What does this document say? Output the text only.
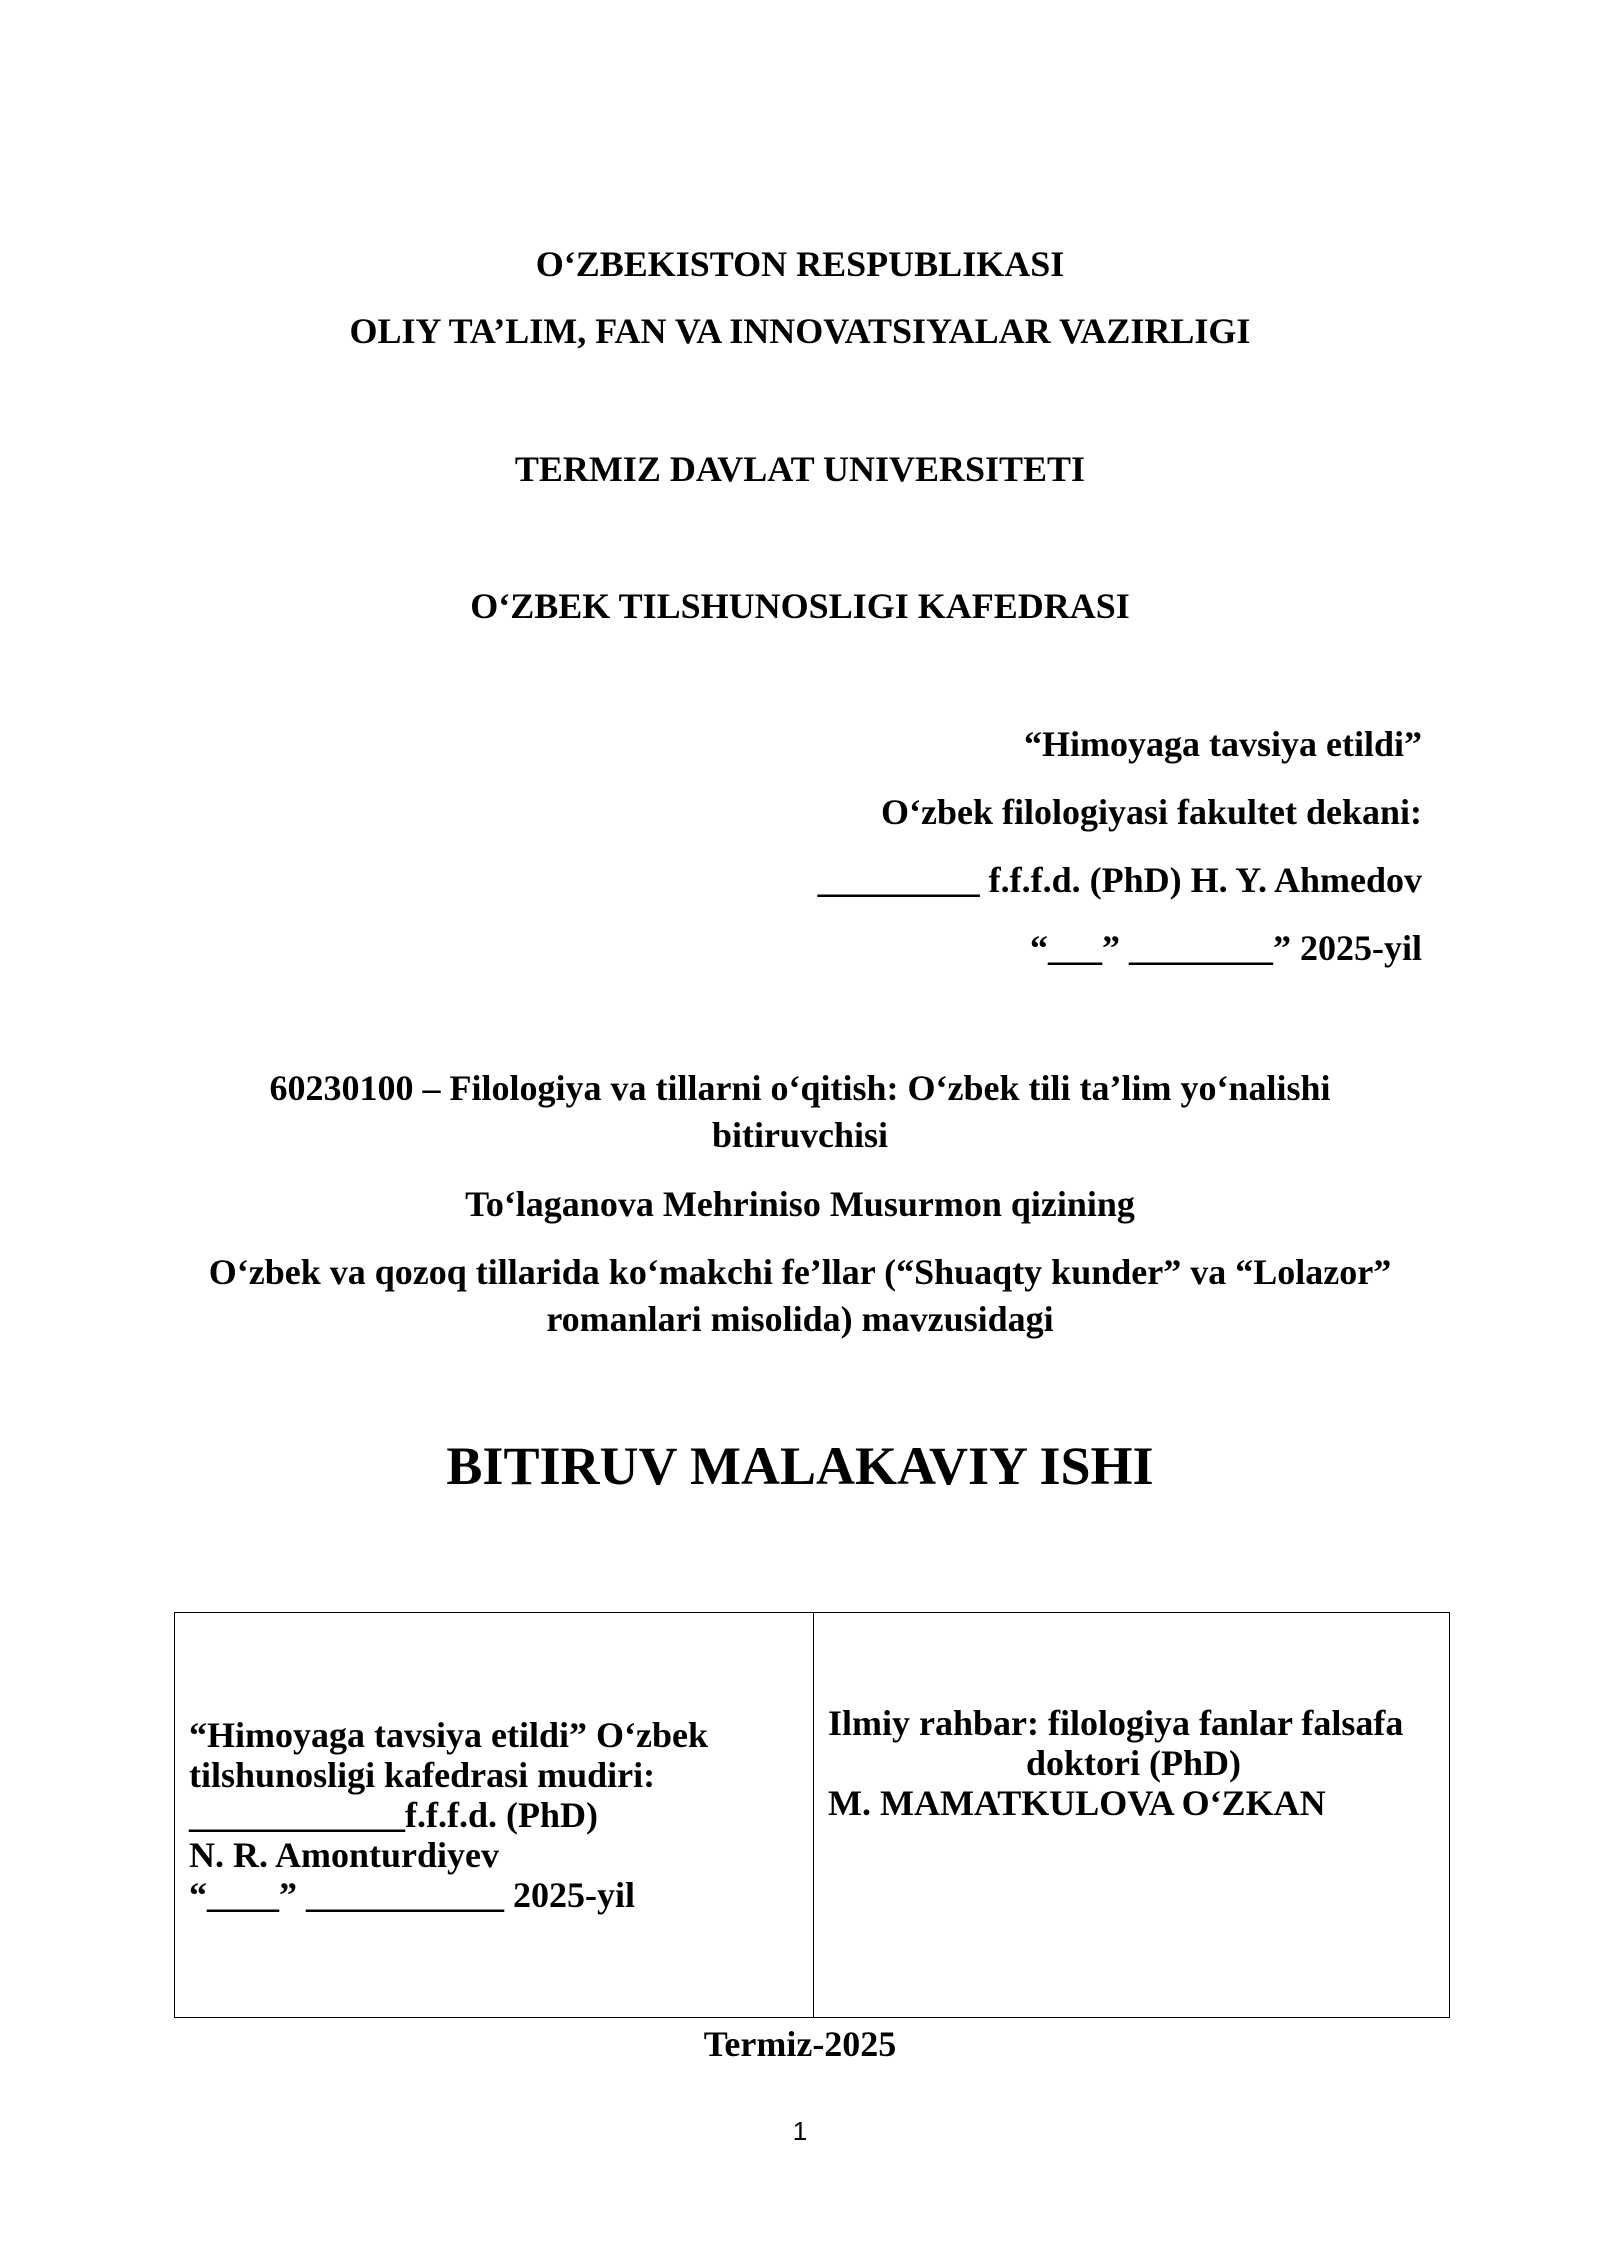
O‘ZBEKISTON RESPUBLIKASI
OLIY TA’LIM, FAN VA INNOVATSIYALAR VAZIRLIGI
TERMIZ DAVLAT UNIVERSITETI
O‘ZBEK TILSHUNOSLIGI KAFEDRASI
“Himoyaga tavsiya etildi”
O‘zbek filologiyasi fakultet dekani:
_________ f.f.f.d. (PhD) H. Y. Ahmedov
“___” ________” 2025-yil
60230100 – Filologiya va tillarni o‘qitish: O‘zbek tili ta’lim yo‘nalishi bitiruvchisi
To‘laganova Mehriniso Musurmon qizining
O‘zbek va qozoq tillarida ko‘makchi fe’llar (“Shuaqty kunder” va “Lolazor” romanlari misolida) mavzusidagi
BITIRUV MALAKAVIY ISHI
“Himoyaga tavsiya etildi” O‘zbek
tilshunosligi kafedrasi mudiri:
____________f.f.f.d. (PhD)
N. R. Amonturdiyev
“____” ___________ 2025-yil
Ilmiy rahbar: filologiya fanlar falsafa
doktori (PhD)
M. MAMATKULOVA O‘ZKAN
Termiz-2025
1
